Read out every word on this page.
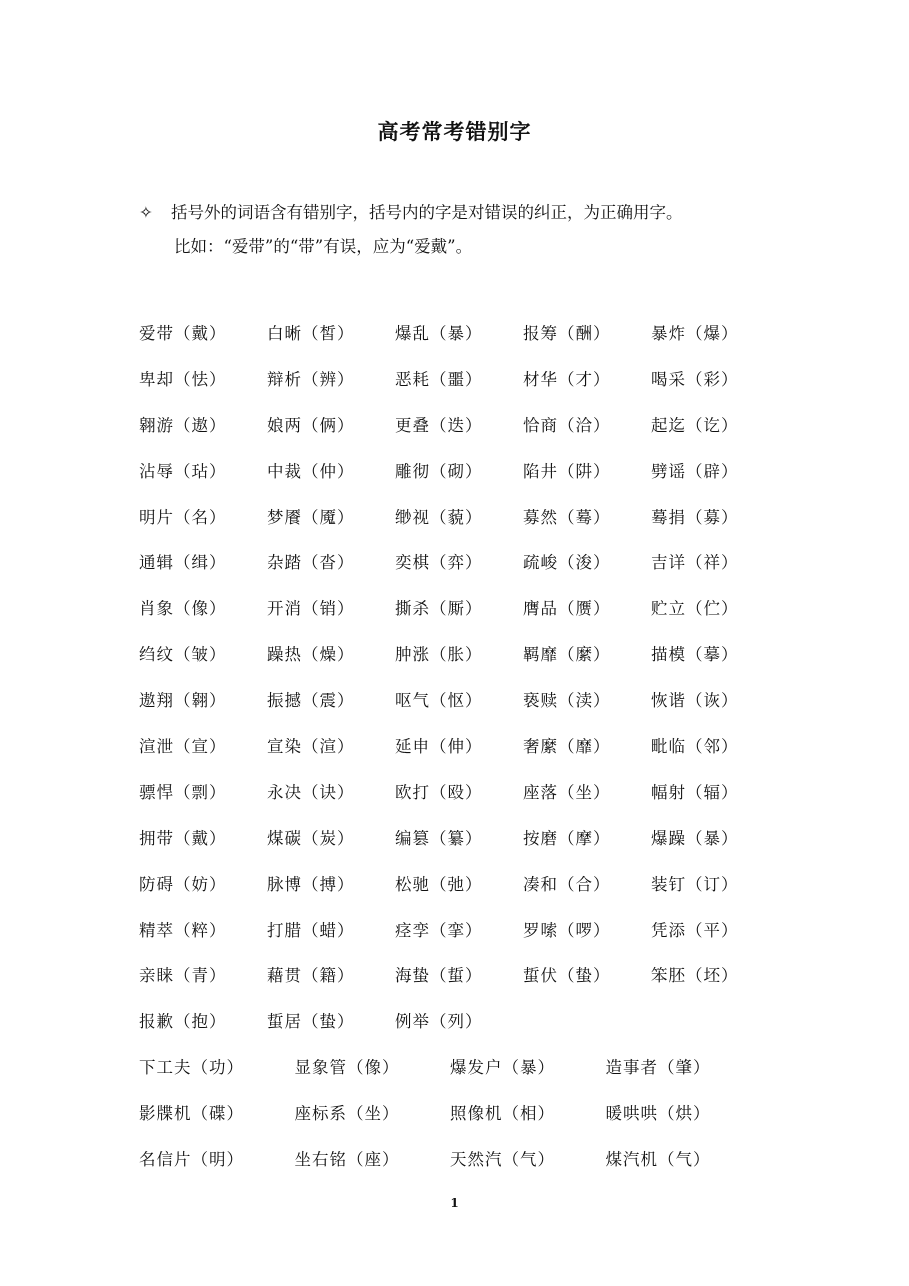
高考常考错别字
✧ 括号外的词语含有错别字，括号内的字是对错误的纠正，为正确用字。
比如：“爱带”的“带”有误，应为“爱戴”。
爱带（戴）	白晰（皙）	爆乱（暴）	报筹（酬）	暴炸（爆）
卑却（怯）	辩析（辨）	恶耗（噩）	材华（才）	喝采（彩）
翱游（遨）	娘两（俩）	更叠（迭）	恰商（洽）	起迄（讫）
沾辱（玷）	中裁（仲）	雕彻（砌）	陷井（阱）	劈谣（辟）
明片（名）	梦餍（魇）	缈视（藐）	募然（蓦）	蓦捐（募）
通辑（缉）	杂踏（沓）	奕棋（弈）	疏峻（浚）	吉详（祥）
肖象（像）	开消（销）	撕杀（厮）	膺品（赝）	贮立（伫）
绉纹（皱）	躁热（燥）	肿涨（胀）	羁靡（縻）	描模（摹）
遨翔（翱）	振撼（震）	呕气（怄）	亵赎（渎）	恢谐（诙）
渲泄（宣）	宣染（渲）	延申（伸）	奢縻（靡）	毗临（邻）
骠悍（剽）	永决（诀）	欧打（殴）	座落（坐）	幅射（辐）
拥带（戴）	煤碳（炭）	编篡（纂）	按磨（摩）	爆躁（暴）
防碍（妨）	脉博（搏）	松驰（弛）	凑和（合）	装钉（订）
精萃（粹）	打腊（蜡）	痉孪（挛）	罗嗦（啰）	凭添（平）
亲睐（青）	藉贯（籍）	海蛰（蜇）	蜇伏（蛰）	笨胚（坯）
报歉（抱）	蜇居（蛰）	例举（列）
下工夫（功）	显象管（像）	爆发户（暴）	造事者（肇）
影牒机（碟）	座标系（坐）	照像机（相）	暖哄哄（烘）
名信片（明）	坐右铭（座）	天然汽（气）	煤汽机（气）
1
